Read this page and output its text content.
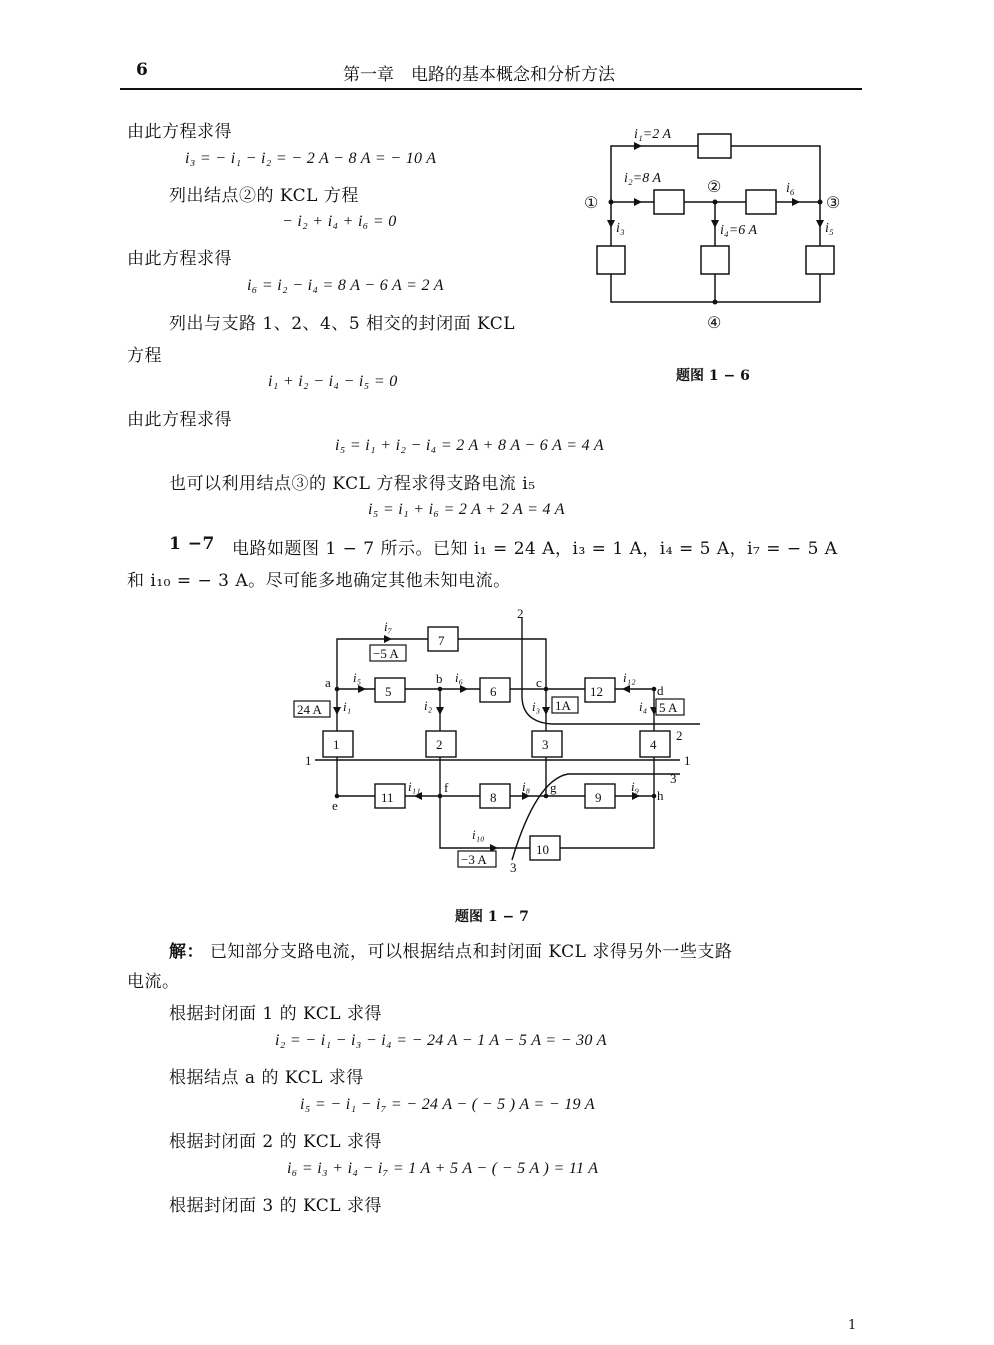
6	第一章　电路的基本概念和分析方法
由此方程求得
i₃ = − i₁ − i₂ = − 2 A − 8 A = − 10 A
列出结点②的 KCL 方程
− i₂ + i₄ + i₆ = 0
由此方程求得
i₆ = i₂ − i₄ = 8 A − 6 A = 2 A
列出与支路 1、2、4、5 相交的封闭面 KCL
方程
i₁ + i₂ − i₄ − i₅ = 0
由此方程求得
i₅ = i₁ + i₂ − i₄ = 2 A + 8 A − 6 A = 4 A
也可以利用结点③的 KCL 方程求得支路电流 i₅
i₅ = i₁ + i₆ = 2 A + 2 A = 4 A
1 −7 电路如题图 1 − 7 所示。已知 i₁ = 24 A，i₃ = 1 A，i₄ = 5 A，i₇ = − 5 A
和 i₁₀ = − 3 A。尽可能多地确定其他未知电流。
i₁=2 A
i₂=8 A
i₃	i₄=6 A	i₅
i₆
①
②
③
④
题图 1 − 6
7
5	6	12
1	2	3	4
11	8	9
10
a	b	c
d
e
f	g
h
i₁	i₂	i₃	i₄
i₅	i₆
i₇
i₈	i₉
i₁₀
i₁₁
i₁₂
24 A	1A	5 A
−5 A
−3 A
1	1
2
2
3
3
题图 1 − 7
解： 已知部分支路电流，可以根据结点和封闭面 KCL 求得另外一些支路
电流。
根据封闭面 1 的 KCL 求得
i₂ = − i₁ − i₃ − i₄ = − 24 A − 1 A − 5 A = − 30 A
根据结点 a 的 KCL 求得
i₅ = − i₁ − i₇ = − 24 A − ( − 5 ) A = − 19 A
根据封闭面 2 的 KCL 求得
i₆ = i₃ + i₄ − i₇ = 1 A + 5 A − ( − 5 A ) = 11 A
根据封闭面 3 的 KCL 求得
1
